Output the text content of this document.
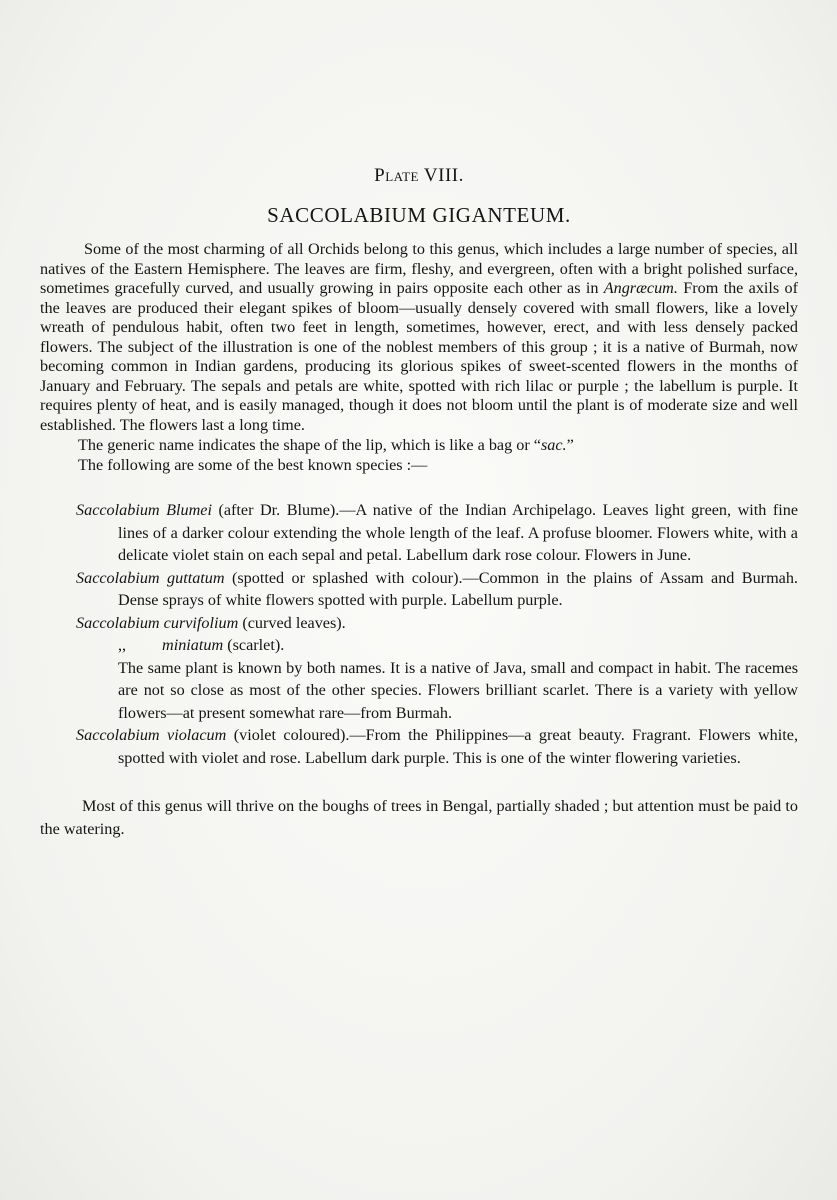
Plate VIII.
SACCOLABIUM GIGANTEUM.

Some of the most charming of all Orchids belong to this genus, which includes a large number of species, all natives of the Eastern Hemisphere. The leaves are firm, fleshy, and evergreen, often with a bright polished surface, sometimes gracefully curved, and usually growing in pairs opposite each other as in Angræcum. From the axils of the leaves are produced their elegant spikes of bloom—usually densely covered with small flowers, like a lovely wreath of pendulous habit, often two feet in length, sometimes, however, erect, and with less densely packed flowers. The subject of the illustration is one of the noblest members of this group ; it is a native of Burmah, now becoming common in Indian gardens, producing its glorious spikes of sweet-scented flowers in the months of January and February. The sepals and petals are white, spotted with rich lilac or purple ; the labellum is purple. It requires plenty of heat, and is easily managed, though it does not bloom until the plant is of moderate size and well established. The flowers last a long time.

The generic name indicates the shape of the lip, which is like a bag or “sac.”

The following are some of the best known species :—

Saccolabium Blumei (after Dr. Blume).—A native of the Indian Archipelago. Leaves light green, with fine lines of a darker colour extending the whole length of the leaf. A profuse bloomer. Flowers white, with a delicate violet stain on each sepal and petal. Labellum dark rose colour. Flowers in June.

Saccolabium guttatum (spotted or splashed with colour).—Common in the plains of Assam and Burmah. Dense sprays of white flowers spotted with purple. Labellum purple.

Saccolabium curvifolium (curved leaves).

,, miniatum (scarlet).

The same plant is known by both names. It is a native of Java, small and compact in habit. The racemes are not so close as most of the other species. Flowers brilliant scarlet. There is a variety with yellow flowers—at present somewhat rare—from Burmah.

Saccolabium violacum (violet coloured).—From the Philippines—a great beauty. Fragrant. Flowers white, spotted with violet and rose. Labellum dark purple. This is one of the winter flowering varieties.

Most of this genus will thrive on the boughs of trees in Bengal, partially shaded ; but attention must be paid to the watering.
